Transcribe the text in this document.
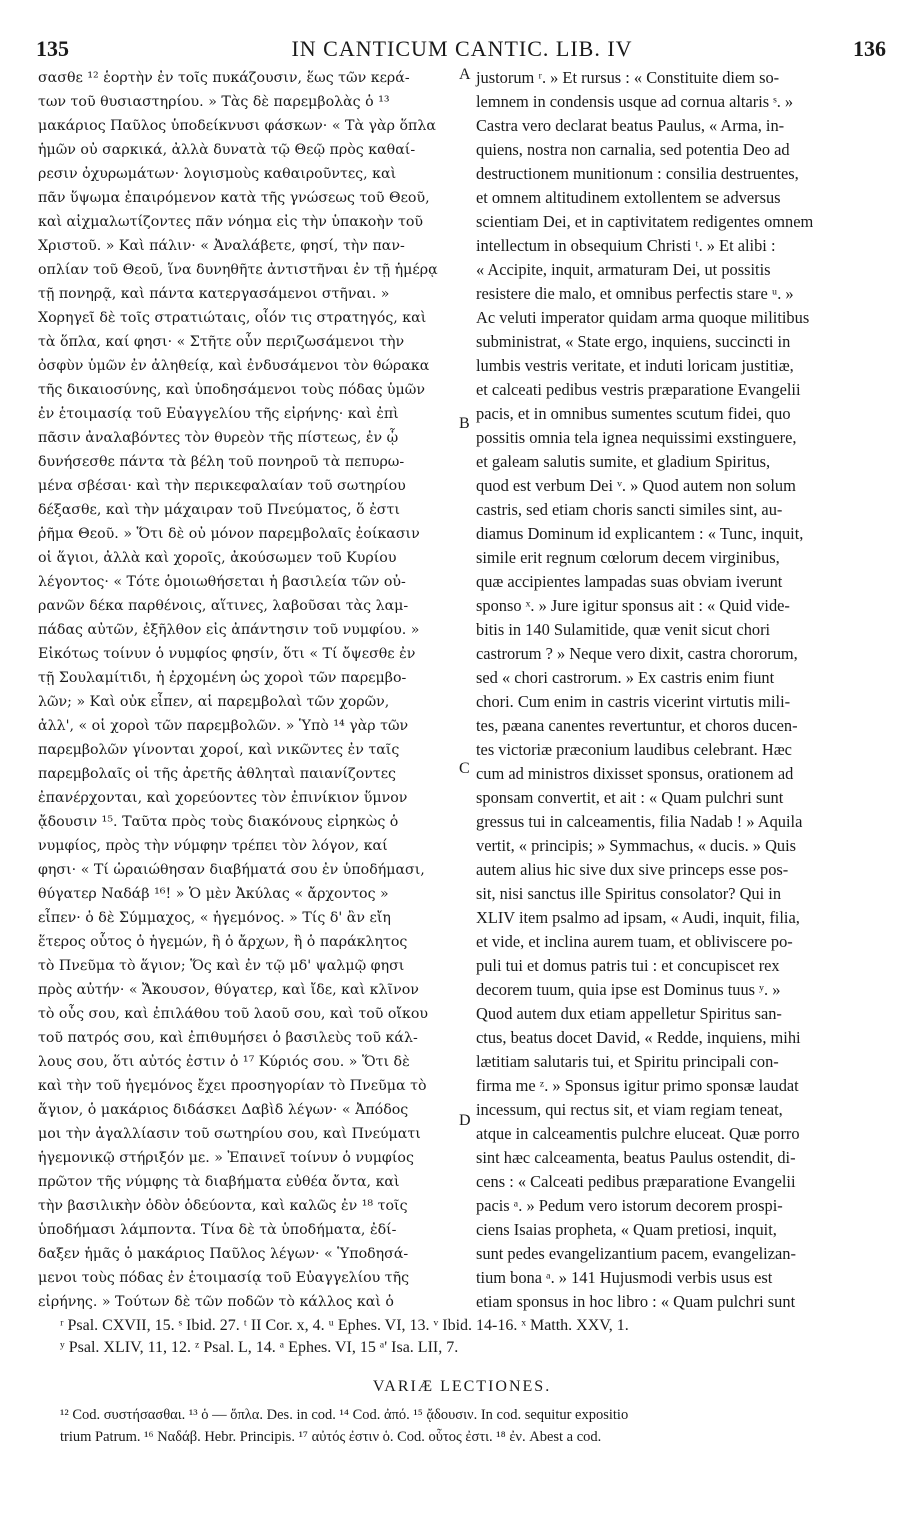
135	IN CANTICUM CANTIC. LIB. IV	136
σασθε ¹² ἑορτὴν ἐν τοῖς πυκάζουσιν, ἕως τῶν κερά-
των τοῦ θυσιαστηρίου. » Τὰς δὲ παρεμβολὰς ὁ ¹³
μακάριος Παῦλος ὑποδείκνυσι φάσκων· « Τὰ γὰρ ὅπλα
ἡμῶν οὐ σαρκικά, ἀλλὰ δυνατὰ τῷ Θεῷ πρὸς καθαί-
ρεσιν ὀχυρωμάτων· λογισμοὺς καθαιροῦντες, καὶ
πᾶν ὕψωμα ἐπαιρόμενον κατὰ τῆς γνώσεως τοῦ Θεοῦ,
καὶ αἰχμαλωτίζοντες πᾶν νόημα εἰς τὴν ὑπακοὴν τοῦ
Χριστοῦ. » Καὶ πάλιν· « Ἀναλάβετε, φησί, τὴν παν-
οπλίαν τοῦ Θεοῦ, ἵνα δυνηθῆτε ἀντιστῆναι ἐν τῇ ἡμέρᾳ
τῇ πονηρᾷ, καὶ πάντα κατεργασάμενοι στῆναι. »
Χορηγεῖ δὲ τοῖς στρατιώταις, οἷόν τις στρατηγός, καὶ
τὰ ὅπλα, καί φησι· « Στῆτε οὖν περιζωσάμενοι τὴν
ὀσφὺν ὑμῶν ἐν ἀληθείᾳ, καὶ ἐνδυσάμενοι τὸν θώρακα
τῆς δικαιοσύνης, καὶ ὑποδησάμενοι τοὺς πόδας ὑμῶν
ἐν ἑτοιμασίᾳ τοῦ Εὐαγγελίου τῆς εἰρήνης· καὶ ἐπὶ
πᾶσιν ἀναλαβόντες τὸν θυρεὸν τῆς πίστεως, ἐν ᾧ
δυνήσεσθε πάντα τὰ βέλη τοῦ πονηροῦ τὰ πεπυρω-
μένα σβέσαι· καὶ τὴν περικεφαλαίαν τοῦ σωτηρίου
δέξασθε, καὶ τὴν μάχαιραν τοῦ Πνεύματος, ὅ ἐστι
ῥῆμα Θεοῦ. » Ὅτι δὲ οὐ μόνον παρεμβολαῖς ἐοίκασιν
οἱ ἅγιοι, ἀλλὰ καὶ χοροῖς, ἀκούσωμεν τοῦ Κυρίου
λέγοντος· « Τότε ὁμοιωθήσεται ἡ βασιλεία τῶν οὐ-
ρανῶν δέκα παρθένοις, αἵτινες, λαβοῦσαι τὰς λαμ-
πάδας αὐτῶν, ἐξῆλθον εἰς ἀπάντησιν τοῦ νυμφίου. »
Εἰκότως τοίνυν ὁ νυμφίος φησίν, ὅτι « Τί ὄψεσθε ἐν
τῇ Σουλαμίτιδι, ἡ ἐρχομένη ὡς χοροὶ τῶν παρεμβο-
λῶν; » Καὶ οὐκ εἶπεν, αἱ παρεμβολαὶ τῶν χορῶν,
ἀλλ', « οἱ χοροὶ τῶν παρεμβολῶν. » Ὑπὸ ¹⁴ γὰρ τῶν
παρεμβολῶν γίνονται χοροί, καὶ νικῶντες ἐν ταῖς
παρεμβολαῖς οἱ τῆς ἀρετῆς ἀθληταὶ παιανίζοντες
ἐπανέρχονται, καὶ χορεύοντες τὸν ἐπινίκιον ὕμνον
ᾄδουσιν ¹⁵. Ταῦτα πρὸς τοὺς διακόνους εἰρηκὼς ὁ
νυμφίος, πρὸς τὴν νύμφην τρέπει τὸν λόγον, καί
φησι· « Τί ὡραιώθησαν διαβήματά σου ἐν ὑποδήμασι,
θύγατερ Ναδάβ ¹⁶! » Ὁ μὲν Ἀκύλας « ἄρχοντος »
εἶπεν· ὁ δὲ Σύμμαχος, « ἡγεμόνος. » Τίς δ' ἂν εἴη
ἕτερος οὗτος ὁ ἡγεμών, ἢ ὁ ἄρχων, ἢ ὁ παράκλητος
τὸ Πνεῦμα τὸ ἅγιον; Ὅς καὶ ἐν τῷ μδ' ψαλμῷ φησι
πρὸς αὐτήν· « Ἄκουσον, θύγατερ, καὶ ἴδε, καὶ κλῖνον
τὸ οὖς σου, καὶ ἐπιλάθου τοῦ λαοῦ σου, καὶ τοῦ οἴκου
τοῦ πατρός σου, καὶ ἐπιθυμήσει ὁ βασιλεὺς τοῦ κάλ-
λους σου, ὅτι αὐτός ἐστιν ὁ ¹⁷ Κύριός σου. » Ὅτι δὲ
καὶ τὴν τοῦ ἡγεμόνος ἔχει προσηγορίαν τὸ Πνεῦμα τὸ
ἅγιον, ὁ μακάριος διδάσκει Δαβὶδ λέγων· « Ἀπόδος
μοι τὴν ἀγαλλίασιν τοῦ σωτηρίου σου, καὶ Πνεύματι
ἡγεμονικῷ στήριξόν με. » Ἐπαινεῖ τοίνυν ὁ νυμφίος
πρῶτον τῆς νύμφης τὰ διαβήματα εὐθέα ὄντα, καὶ
τὴν βασιλικὴν ὁδὸν ὁδεύοντα, καὶ καλῶς ἐν ¹⁸ τοῖς
ὑποδήμασι λάμποντα. Τίνα δὲ τὰ ὑποδήματα, ἐδί-
δαξεν ἡμᾶς ὁ μακάριος Παῦλος λέγων· « Ὑποδησά-
μενοι τοὺς πόδας ἐν ἑτοιμασίᾳ τοῦ Εὐαγγελίου τῆς
εἰρήνης. » Τούτων δὲ τῶν ποδῶν τὸ κάλλος καὶ ὁ
justorum ʳ. » Et rursus : « Constituite diem so-
lemnem in condensis usque ad cornua altaris ˢ. »
Castra vero declarat beatus Paulus, « Arma, in-
quiens, nostra non carnalia, sed potentia Deo ad
destructionem munitionum : consilia destruentes,
et omnem altitudinem extollentem se adversus
scientiam Dei, et in captivitatem redigentes omnem
intellectum in obsequium Christi ᵗ. » Et alibi :
« Accipite, inquit, armaturam Dei, ut possitis
resistere die malo, et omnibus perfectis stare ᵘ. »
Ac veluti imperator quidam arma quoque militibus
subministrat, « State ergo, inquiens, succincti in
lumbis vestris veritate, et induti loricam justitiæ,
et calceati pedibus vestris præparatione Evangelii
pacis, et in omnibus sumentes scutum fidei, quo
possitis omnia tela ignea nequissimi exstinguere,
et galeam salutis sumite, et gladium Spiritus,
quod est verbum Dei ᵛ. » Quod autem non solum
castris, sed etiam choris sancti similes sint, au-
diamus Dominum id explicantem : « Tunc, inquit,
simile erit regnum cœlorum decem virginibus,
quæ accipientes lampadas suas obviam iverunt
sponso ˣ. » Jure igitur sponsus ait : « Quid vide-
bitis in 140 Sulamitide, quæ venit sicut chori
castrorum ? » Neque vero dixit, castra chororum,
sed « chori castrorum. » Ex castris enim fiunt
chori. Cum enim in castris vicerint virtutis mili-
tes, pæana canentes revertuntur, et choros ducen-
tes victoriæ præconium laudibus celebrant. Hæc
cum ad ministros dixisset sponsus, orationem ad
sponsam convertit, et ait : « Quam pulchri sunt
gressus tui in calceamentis, filia Nadab ! » Aquila
vertit, « principis; » Symmachus, « ducis. » Quis
autem alius hic sive dux sive princeps esse pos-
sit, nisi sanctus ille Spiritus consolator? Qui in
XLIV item psalmo ad ipsam, « Audi, inquit, filia,
et vide, et inclina aurem tuam, et obliviscere po-
puli tui et domus patris tui : et concupiscet rex
decorem tuum, quia ipse est Dominus tuus ʸ. »
Quod autem dux etiam appelletur Spiritus san-
ctus, beatus docet David, « Redde, inquiens, mihi
lætitiam salutaris tui, et Spiritu principali con-
firma me ᶻ. » Sponsus igitur primo sponsæ laudat
incessum, qui rectus sit, et viam regiam teneat,
atque in calceamentis pulchre eluceat. Quæ porro
sint hæc calceamenta, beatus Paulus ostendit, di-
cens : « Calceati pedibus præparatione Evangelii
pacis ᵃ. » Pedum vero istorum decorem prospi-
ciens Isaias propheta, « Quam pretiosi, inquit,
sunt pedes evangelizantium pacem, evangelizan-
tium bona ᵃ. » 141 Hujusmodi verbis usus est
etiam sponsus in hoc libro : « Quam pulchri sunt
A
B
C
D
ʳ Psal. CXVII, 15. ˢ Ibid. 27. ᵗ II Cor. x, 4. ᵘ Ephes. VI, 13. ᵛ Ibid. 14-16. ˣ Matth. XXV, 1.
ʸ Psal. XLIV, 11, 12. ᶻ Psal. L, 14. ᵃ Ephes. VI, 15 ᵃ' Isa. LII, 7.
VARIÆ LECTIONES.
¹² Cod. συστήσασθαι. ¹³ ὁ — ὅπλα. Des. in cod. ¹⁴ Cod. ἀπό. ¹⁵ ᾄδουσιν. In cod. sequitur expositio
trium Patrum. ¹⁶ Ναδάβ. Hebr. Principis. ¹⁷ αὐτός ἐστιν ὁ. Cod. οὗτος ἐστι. ¹⁸ ἐν. Abest a cod.
